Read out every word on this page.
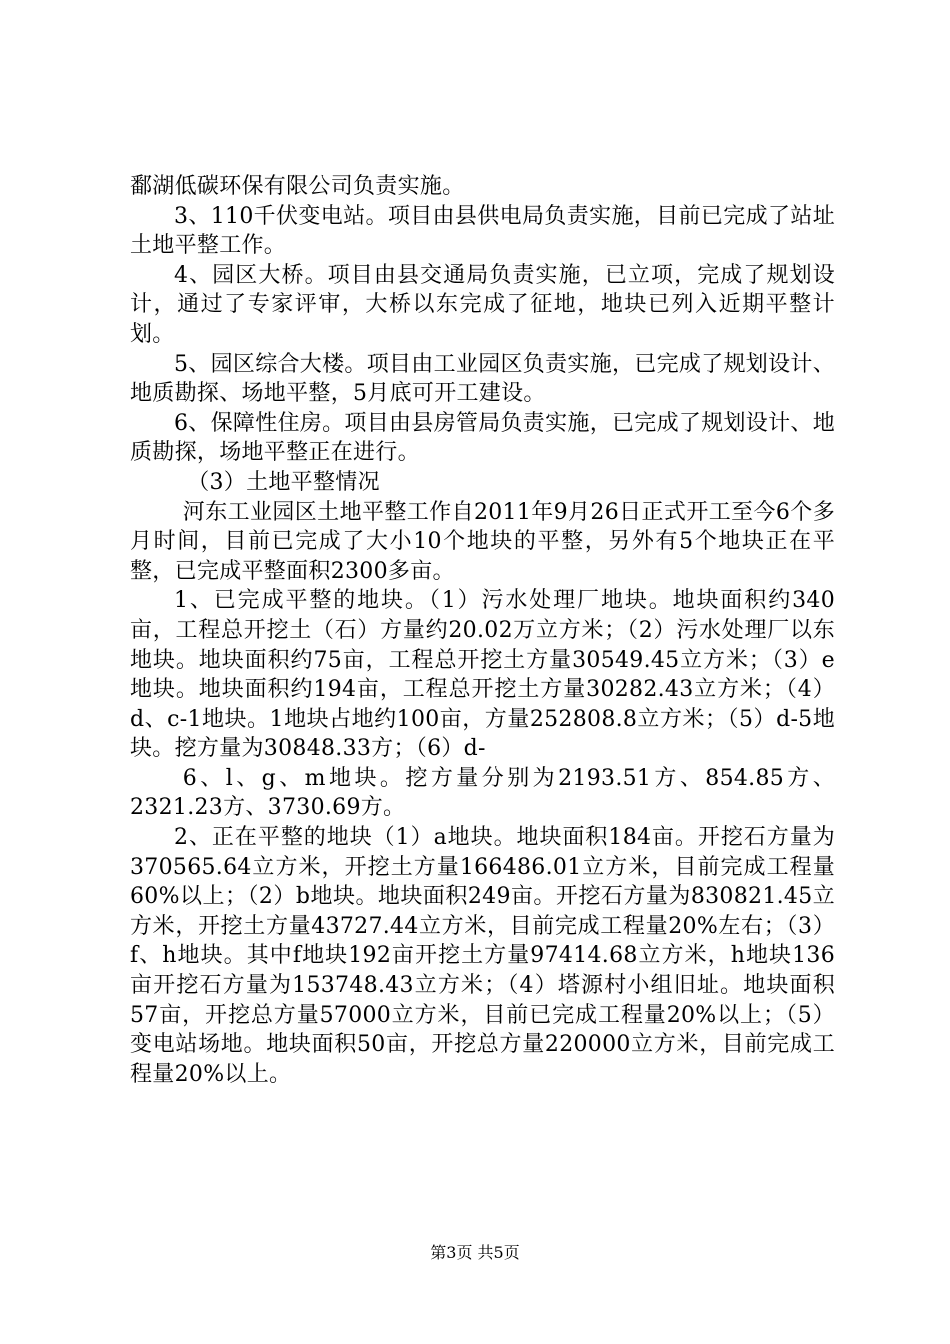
鄱湖低碳环保有限公司负责实施。

3、110千伏变电站。项目由县供电局负责实施，目前已完成了站址土地平整工作。

4、园区大桥。项目由县交通局负责实施，已立项，完成了规划设计，通过了专家评审，大桥以东完成了征地，地块已列入近期平整计划。

5、园区综合大楼。项目由工业园区负责实施，已完成了规划设计、地质勘探、场地平整，5月底可开工建设。

6、保障性住房。项目由县房管局负责实施，已完成了规划设计、地质勘探，场地平整正在进行。

（3）土地平整情况

河东工业园区土地平整工作自2011年9月26日正式开工至今6个多月时间，目前已完成了大小10个地块的平整，另外有5个地块正在平整，已完成平整面积2300多亩。

1、已完成平整的地块。（1）污水处理厂地块。地块面积约340亩，工程总开挖土（石）方量约20.02万立方米；（2）污水处理厂以东地块。地块面积约75亩，工程总开挖土方量30549.45立方米；（3）e地块。地块面积约194亩，工程总开挖土方量30282.43立方米；（4）d、c-1地块。1地块占地约100亩，方量252808.8立方米；（5）d-5地块。挖方量为30848.33方；（6）d-

6、l、g、m地块。挖方量分别为2193.51方、854.85方、2321.23方、3730.69方。

2、正在平整的地块（1）a地块。地块面积184亩。开挖石方量为370565.64立方米，开挖土方量166486.01立方米，目前完成工程量60%以上；（2）b地块。地块面积249亩。开挖石方量为830821.45立方米，开挖土方量43727.44立方米，目前完成工程量20%左右；（3）f、h地块。其中f地块192亩开挖土方量97414.68立方米，h地块136亩开挖石方量为153748.43立方米；（4）塔源村小组旧址。地块面积57亩，开挖总方量57000立方米，目前已完成工程量20%以上；（5）变电站场地。地块面积50亩，开挖总方量220000立方米，目前完成工程量20%以上。

第3页 共5页
